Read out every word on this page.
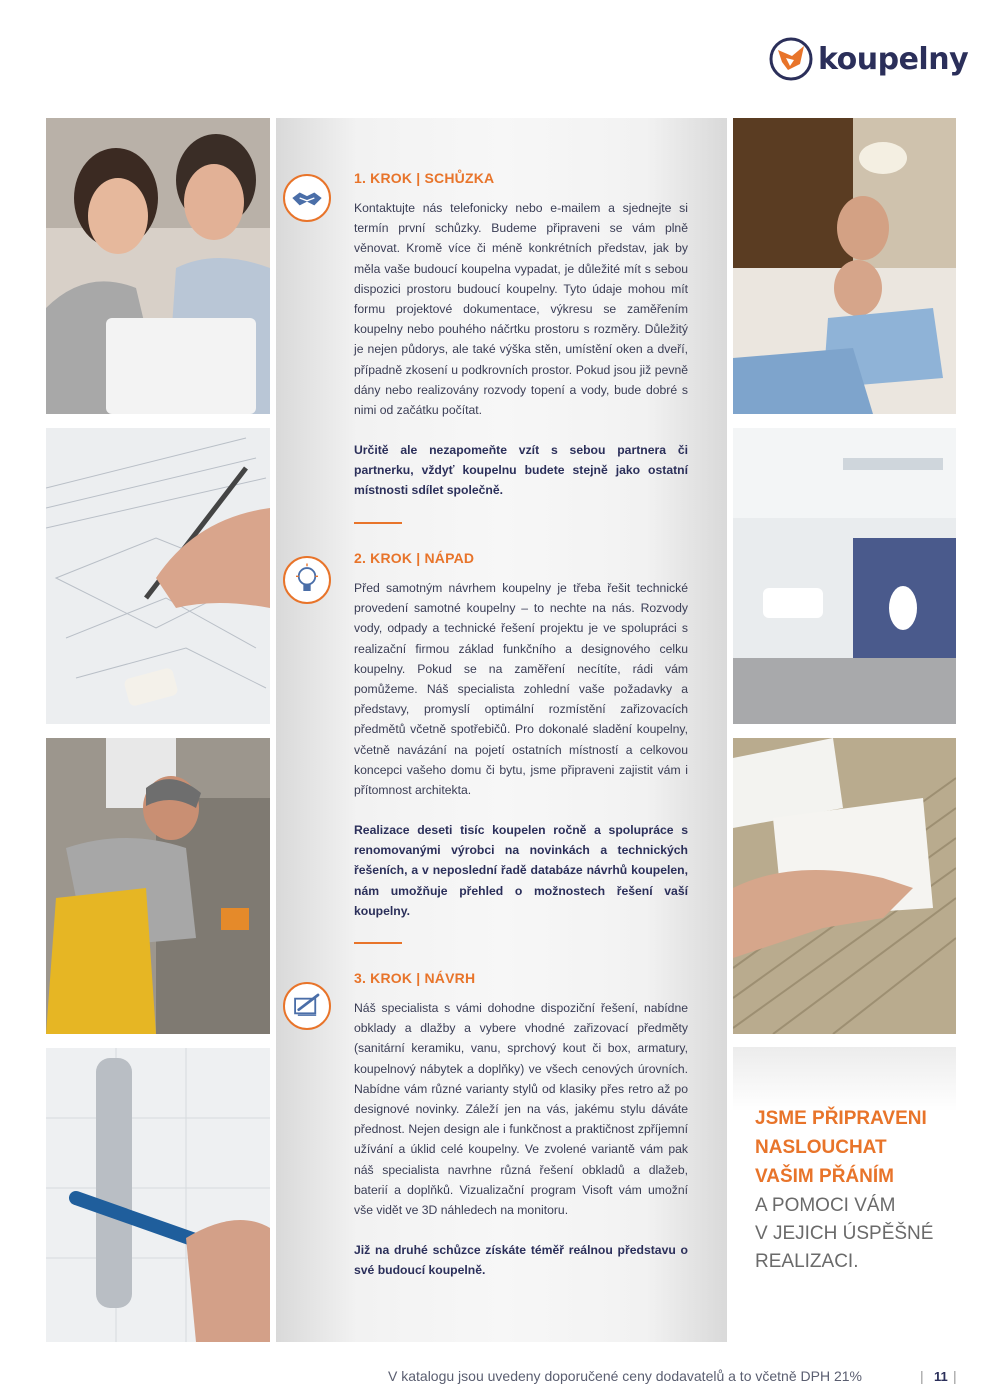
koupelny
1. KROK | SCHŮZKA
Kontaktujte nás telefonicky nebo e-mailem a sjednejte si termín první schůzky. Budeme připraveni se vám plně věnovat. Kromě více či méně konkrétních představ, jak by měla vaše budoucí koupelna vypadat, je důležité mít s sebou dispozici prostoru budoucí koupelny. Tyto údaje mohou mít formu projektové dokumentace, výkresu se zaměřením koupelny nebo pouhého náčrtku prostoru s rozměry. Důležitý je nejen půdorys, ale také výška stěn, umístění oken a dveří, případně zkosení u podkrovních prostor. Pokud jsou již pevně dány nebo realizovány rozvody topení a vody, bude dobré s nimi od začátku počítat.
Určitě ale nezapomeňte vzít s sebou partnera či partnerku, vždyť koupelnu budete stejně jako ostatní místnosti sdílet společně.
2. KROK | NÁPAD
Před samotným návrhem koupelny je třeba řešit technické provedení samotné koupelny – to nechte na nás. Rozvody vody, odpady a technické řešení projektu je ve spolupráci s realizační firmou základ funkčního a designového celku koupelny. Pokud se na zaměření necítíte, rádi vám pomůžeme. Náš specialista zohlední vaše požadavky a představy, promyslí optimální rozmístění zařizovacích předmětů včetně spotřebičů. Pro dokonalé sladění koupelny, včetně navázání na pojetí ostatních místností a celkovou koncepci vašeho domu či bytu, jsme připraveni zajistit vám i přítomnost architekta.
Realizace deseti tisíc koupelen ročně a spolupráce s renomovanými výrobci na novinkách a technických řešeních, a v neposlední řadě databáze návrhů koupelen, nám umožňuje přehled o možnostech řešení vaší koupelny.
3. KROK | NÁVRH
Náš specialista s vámi dohodne dispoziční řešení, nabídne obklady a dlažby a vybere vhodné zařizovací předměty (sanitární keramiku, vanu, sprchový kout či box, armatury, koupelnový nábytek a doplňky) ve všech cenových úrovních. Nabídne vám různé varianty stylů od klasiky přes retro až po designové novinky. Záleží jen na vás, jakému stylu dáváte přednost. Nejen design ale i funkčnost a praktičnost zpříjemní užívání a úklid celé koupelny. Ve zvolené variantě vám pak náš specialista navrhne různá řešení obkladů a dlažeb, baterií a doplňků. Vizualizační program Visoft vám umožní vše vidět ve 3D náhledech na monitoru.
Již na druhé schůzce získáte téměř reálnou představu o své budoucí koupelně.
JSME PŘIPRAVENI
NASLOUCHAT
VAŠIM PŘÁNÍM
A POMOCI VÁM
V JEJICH ÚSPĚŠNÉ
REALIZACI.
V katalogu jsou uvedeny doporučené ceny dodavatelů a to včetně DPH 21%	| 11 |
